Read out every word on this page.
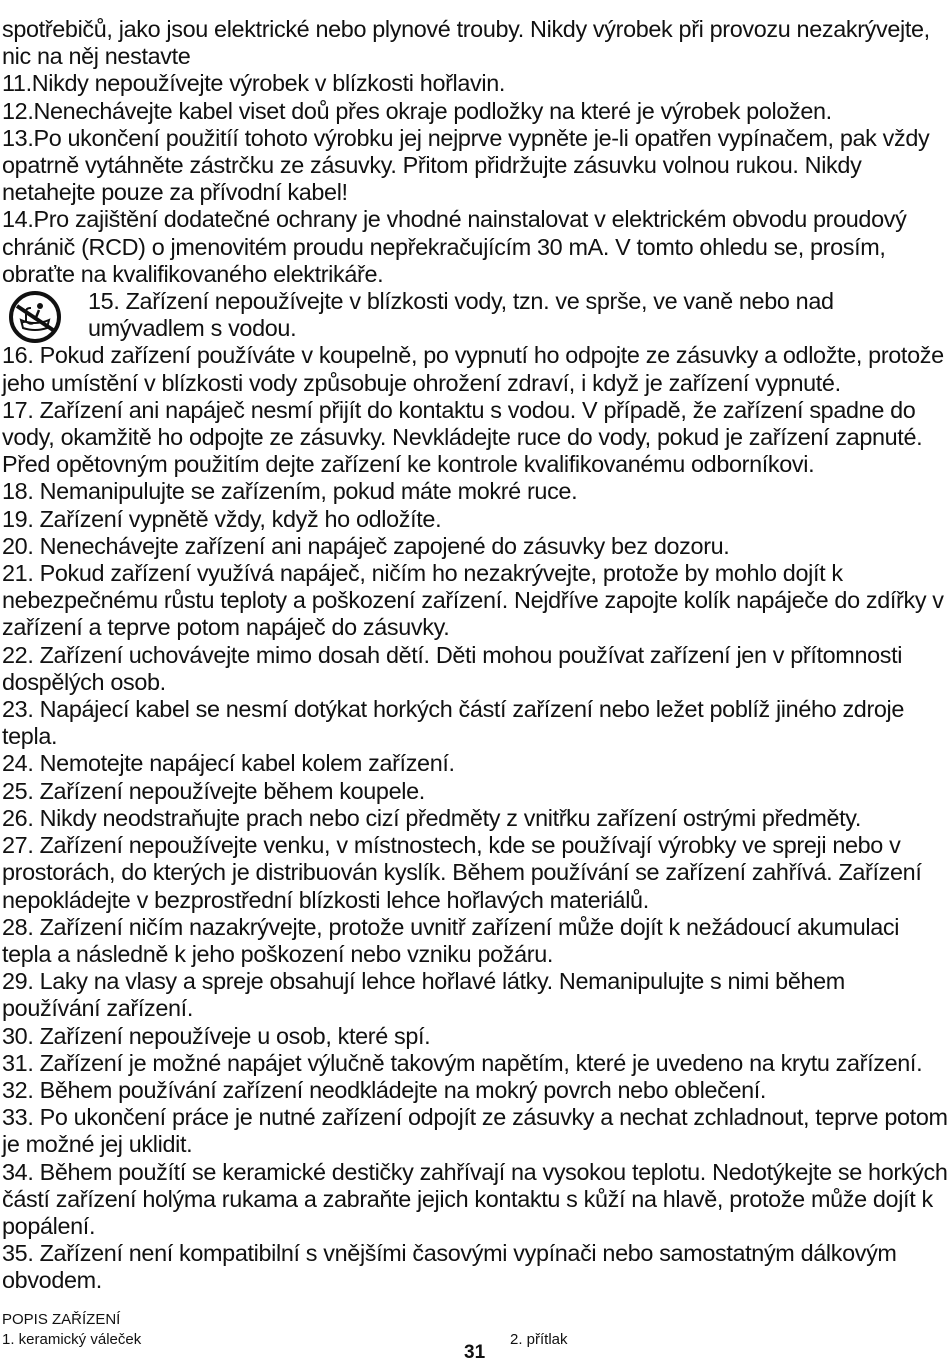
spotřebičů, jako jsou elektrické nebo plynové trouby. Nikdy výrobek při provozu nezakrývejte, nic na něj nestavte

11.Nikdy nepoužívejte výrobek v blízkosti hořlavin.

12.Nenechávejte kabel viset doů přes okraje podložky na které je výrobek položen.

13.Po ukončení použitíí tohoto výrobku jej nejprve vypněte je-li opatřen vypínačem, pak vždy opatrně vytáhněte zástrčku ze zásuvky. Přitom přidržujte zásuvku volnou rukou. Nikdy netahejte pouze za přívodní kabel!

14.Pro zajištění dodatečné ochrany je vhodné nainstalovat v elektrickém obvodu proudový chránič (RCD) o jmenovitém proudu nepřekračujícím 30 mA. V tomto ohledu se, prosím, obraťte na kvalifikovaného elektrikáře.

15. Zařízení nepoužívejte v blízkosti vody, tzn. ve sprše, ve vaně nebo nad umývadlem s vodou.

16. Pokud zařízení používáte v koupelně, po vypnutí ho odpojte ze zásuvky a odložte, protože jeho umístění v blízkosti vody způsobuje ohrožení zdraví, i když je zařízení vypnuté.

17. Zařízení ani napáječ nesmí přijít do kontaktu s vodou. V případě, že zařízení spadne do vody, okamžitě ho odpojte ze zásuvky. Nevkládejte ruce do vody, pokud je zařízení zapnuté. Před opětovným použitím dejte zařízení ke kontrole kvalifikovanému odborníkovi.

18. Nemanipulujte se zařízením, pokud máte mokré ruce.

19. Zařízení vypnětě vždy, když ho odložíte.

20. Nenechávejte zařízení ani napáječ zapojené do zásuvky bez dozoru.

21. Pokud zařízení využívá napáječ, ničím ho nezakrývejte, protože by mohlo dojít k nebezpečnému růstu teploty a poškození zařízení. Nejdříve zapojte kolík napáječe do zdířky v zařízení a teprve potom napáječ do zásuvky.

22. Zařízení uchovávejte mimo dosah dětí. Děti mohou používat zařízení jen v přítomnosti dospělých osob.

23. Napájecí kabel se nesmí dotýkat horkých částí zařízení nebo ležet poblíž jiného zdroje tepla.

24. Nemotejte napájecí kabel kolem zařízení.

25. Zařízení nepoužívejte během koupele.

26. Nikdy neodstraňujte prach nebo cizí předměty z vnitřku zařízení ostrými předměty.

27. Zařízení nepoužívejte venku, v místnostech, kde se používají výrobky ve spreji nebo v prostorách, do kterých je distribuován kyslík. Během používání se zařízení zahřívá. Zařízení nepokládejte v bezprostřední blízkosti lehce hořlavých materiálů.

28. Zařízení ničím nazakrývejte, protože uvnitř zařízení může dojít k nežádoucí akumulaci tepla a následně k jeho poškození nebo vzniku požáru.

29. Laky na vlasy a spreje obsahují lehce hořlavé látky. Nemanipulujte s nimi během používání zařízení.

30. Zařízení nepoužíveje u osob, které spí.

31. Zařízení je možné napájet výlučně takovým napětím, které je uvedeno na krytu zařízení.

32. Během používání zařízení neodkládejte na mokrý povrch nebo oblečení.

33. Po ukončení práce je nutné zařízení odpojít ze zásuvky a nechat zchladnout, teprve potom je možné jej uklidit.

34. Během použítí se keramické destičky zahřívají na vysokou teplotu. Nedotýkejte se horkých částí zařízení holýma rukama a zabraňte jejich kontaktu s kůží na hlavě, protože může dojít k popálení.

35. Zařízení není kompatibilní s vnějšími časovými vypínači nebo samostatným dálkovým obvodem.

POPIS ZAŘÍZENÍ
1. keramický váleček	2. přítlak
31
